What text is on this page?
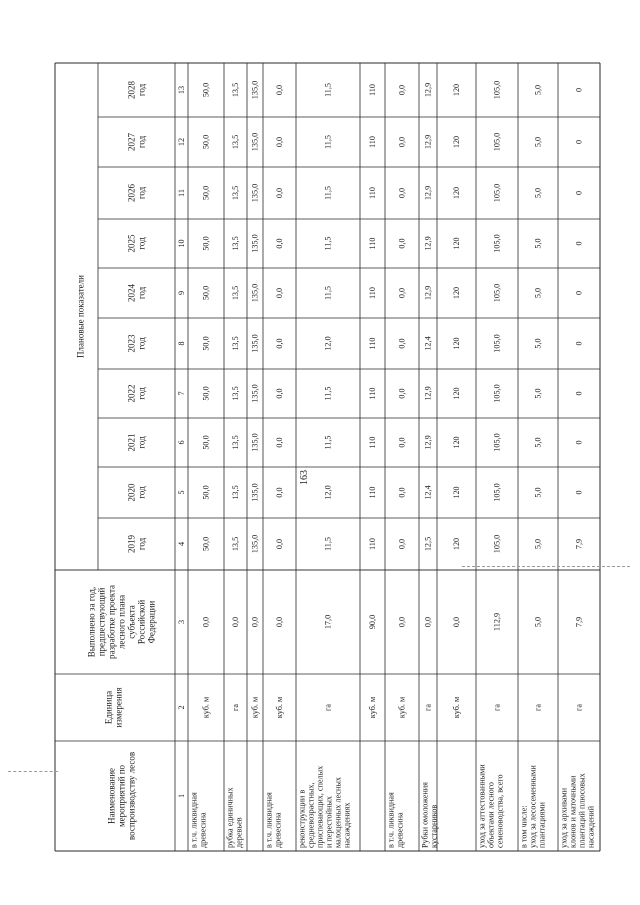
Наименование мероприятий по воспроизводству лесов
Единица измерения
Выполнено за год, предшествующий разработке проекта лесного плана субъекта Российской Федерации
Плановые показатели
2019 год
2020 год
2021 год
2022 год
2023 год
2024 год
2025 год
2026 год
2027 год
2028 год
1
2
3
4
5
6
7
8
9
10
11
12
13
в т.ч. ликвидная древесина
куб. м
0,0
50,0
50,0
50,0
50,0
50,0
50,0
50,0
50,0
50,0
50,0
рубка единичных деревьев
га
0,0
13,5
13,5
13,5
13,5
13,5
13,5
13,5
13,5
13,5
13,5
куб. м
0,0
135,0
135,0
135,0
135,0
135,0
135,0
135,0
135,0
135,0
135,0
в т.ч. ликвидная древесина
куб. м
0,0
0,0
0,0
0,0
0,0
0,0
0,0
0,0
0,0
0,0
0,0
реконструкции в средневозрастных, приспевающих, спелых и перестойных малоценных лесных насаждениях
га
17,0
11,5
12,0
11,5
11,5
12,0
11,5
11,5
11,5
11,5
11,5
куб. м
90,0
110
110
110
110
110
110
110
110
110
110
в т.ч. ликвидная древесина
куб. м
0,0
0,0
0,0
0,0
0,0
0,0
0,0
0,0
0,0
0,0
0,0
Рубки омоложения кустарников
га
0,0
12,5
12,4
12,9
12,9
12,4
12,9
12,9
12,9
12,9
12,9
куб. м
0,0
120
120
120
120
120
120
120
120
120
120
уход за аттестованными объектами лесного семеноводства, всего
га
112,9
105,0
105,0
105,0
105,0
105,0
105,0
105,0
105,0
105,0
105,0
в том числе: уход за лесосеменными плантациями
га
5,0
5,0
5,0
5,0
5,0
5,0
5,0
5,0
5,0
5,0
5,0
уход за архивами клонов и маточными плантаций плюсовых насаждений
га
7,9
7,9
0
0
0
0
0
0
0
0
0
163
